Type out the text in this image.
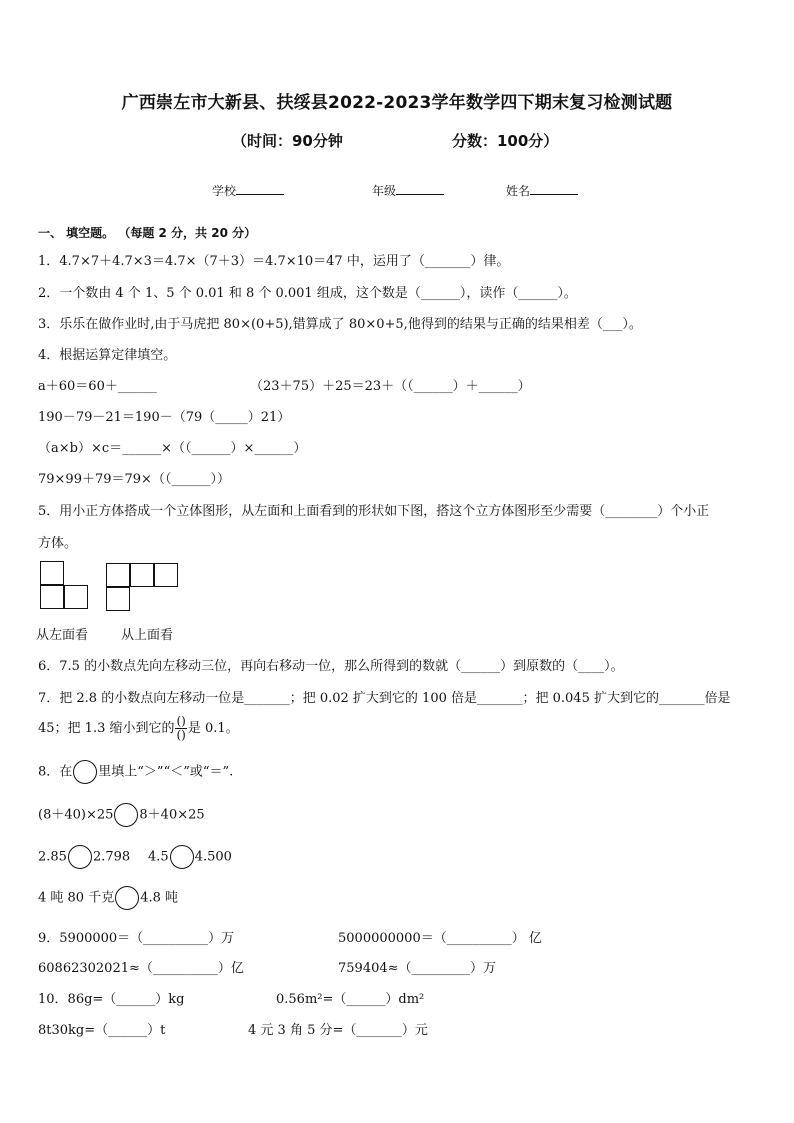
广西崇左市大新县、扶绥县2022-2023学年数学四下期末复习检测试题
（时间：90分钟	分数：100分）
学校	年级	姓名
一、 填空题。 （每题 2 分，共 20 分）
1．4.7×7＋4.7×3＝4.7×（7＋3）＝4.7×10＝47 中，运用了（_______）律。
2．一个数由 4 个 1、5 个 0.01 和 8 个 0.001 组成，这个数是（______），读作（______）。
3．乐乐在做作业时,由于马虎把 80×(0+5),错算成了 80×0+5,他得到的结果与正确的结果相差（___）。
4．根据运算定律填空。
a＋60＝60＋______	（23＋75）＋25＝23＋（（______）＋______）
190－79－21＝190－（79（_____）21）
（a×b）×c＝______×（（______）×______）
79×99＋79＝79×（（______））
5．用小正方体搭成一个立体图形，从左面和上面看到的形状如下图，搭这个立方体图形至少需要（________）个小正
方体。
从左面看	从上面看
6．7.5 的小数点先向左移动三位，再向右移动一位，那么所得到的数就（______）到原数的（____）。
7．把 2.8 的小数点向左移动一位是_______；把 0.02 扩大到它的 100 倍是_______；把 0.045 扩大到它的_______倍是
45；把 1.3 缩小到它的 $\frac{()}{()}$ 是 0.1。
8．在 里填上“＞”“＜”或“＝”.
(8＋40)×25 8＋40×25
2.85 2.798 4.5 4.500
4 吨 80 千克 4.8 吨
9．5900000＝（__________）万	5000000000＝（__________） 亿
60862302021≈（__________）亿	759404≈（_________）万
10．86g=（______）kg	0.56m²=（______）dm²
8t30kg=（______）t	4 元 3 角 5 分=（_______）元
